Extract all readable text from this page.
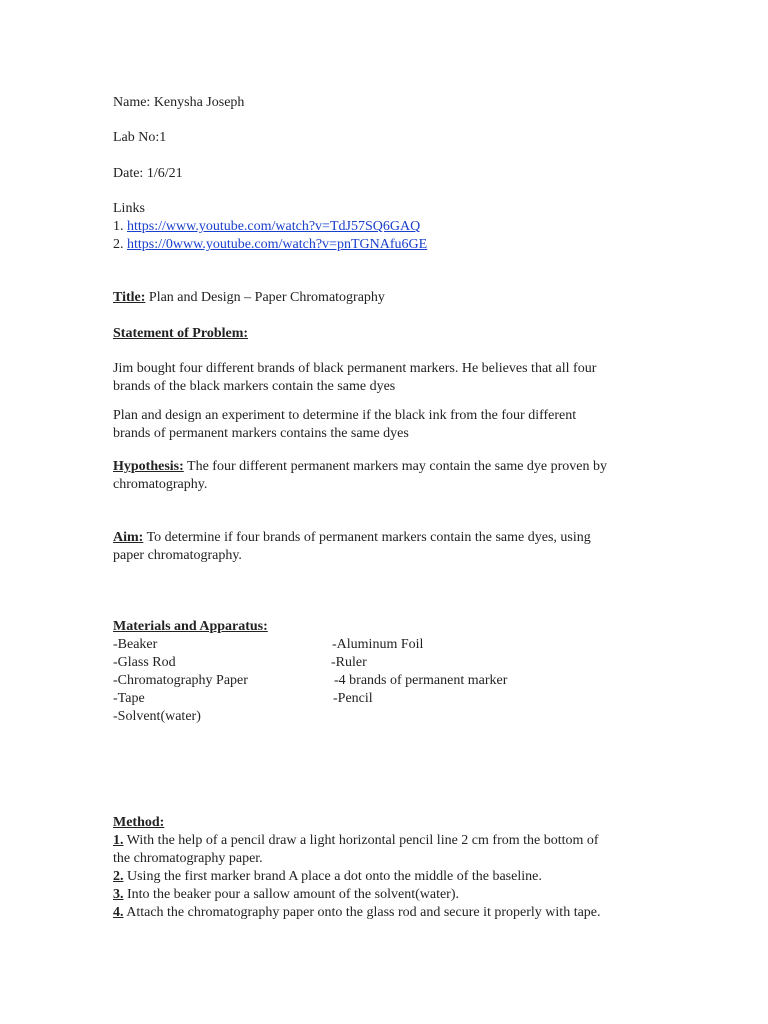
Name: Kenysha Joseph
Lab No:1
Date: 1/6/21
Links
1. https://www.youtube.com/watch?v=TdJ57SQ6GAQ
2. https://0www.youtube.com/watch?v=pnTGNAfu6GE
Title: Plan and Design – Paper Chromatography
Statement of Problem:
Jim bought four different brands of black permanent markers. He believes that all four
brands of the black markers contain the same dyes
Plan and design an experiment to determine if the black ink from the four different
brands of permanent markers contains the same dyes
Hypothesis: The four different permanent markers may contain the same dye proven by
chromatography.
Aim: To determine if four brands of permanent markers contain the same dyes, using
paper chromatography.
Materials and Apparatus:
-Beaker
-Glass Rod
-Chromatography Paper
-Tape
-Solvent(water)
-Aluminum Foil
-Ruler
-4 brands of permanent marker
-Pencil
Method:
1. With the help of a pencil draw a light horizontal pencil line 2 cm from the bottom of
the chromatography paper.
2. Using the first marker brand A place a dot onto the middle of the baseline.
3. Into the beaker pour a sallow amount of the solvent(water).
4. Attach the chromatography paper onto the glass rod and secure it properly with tape.
